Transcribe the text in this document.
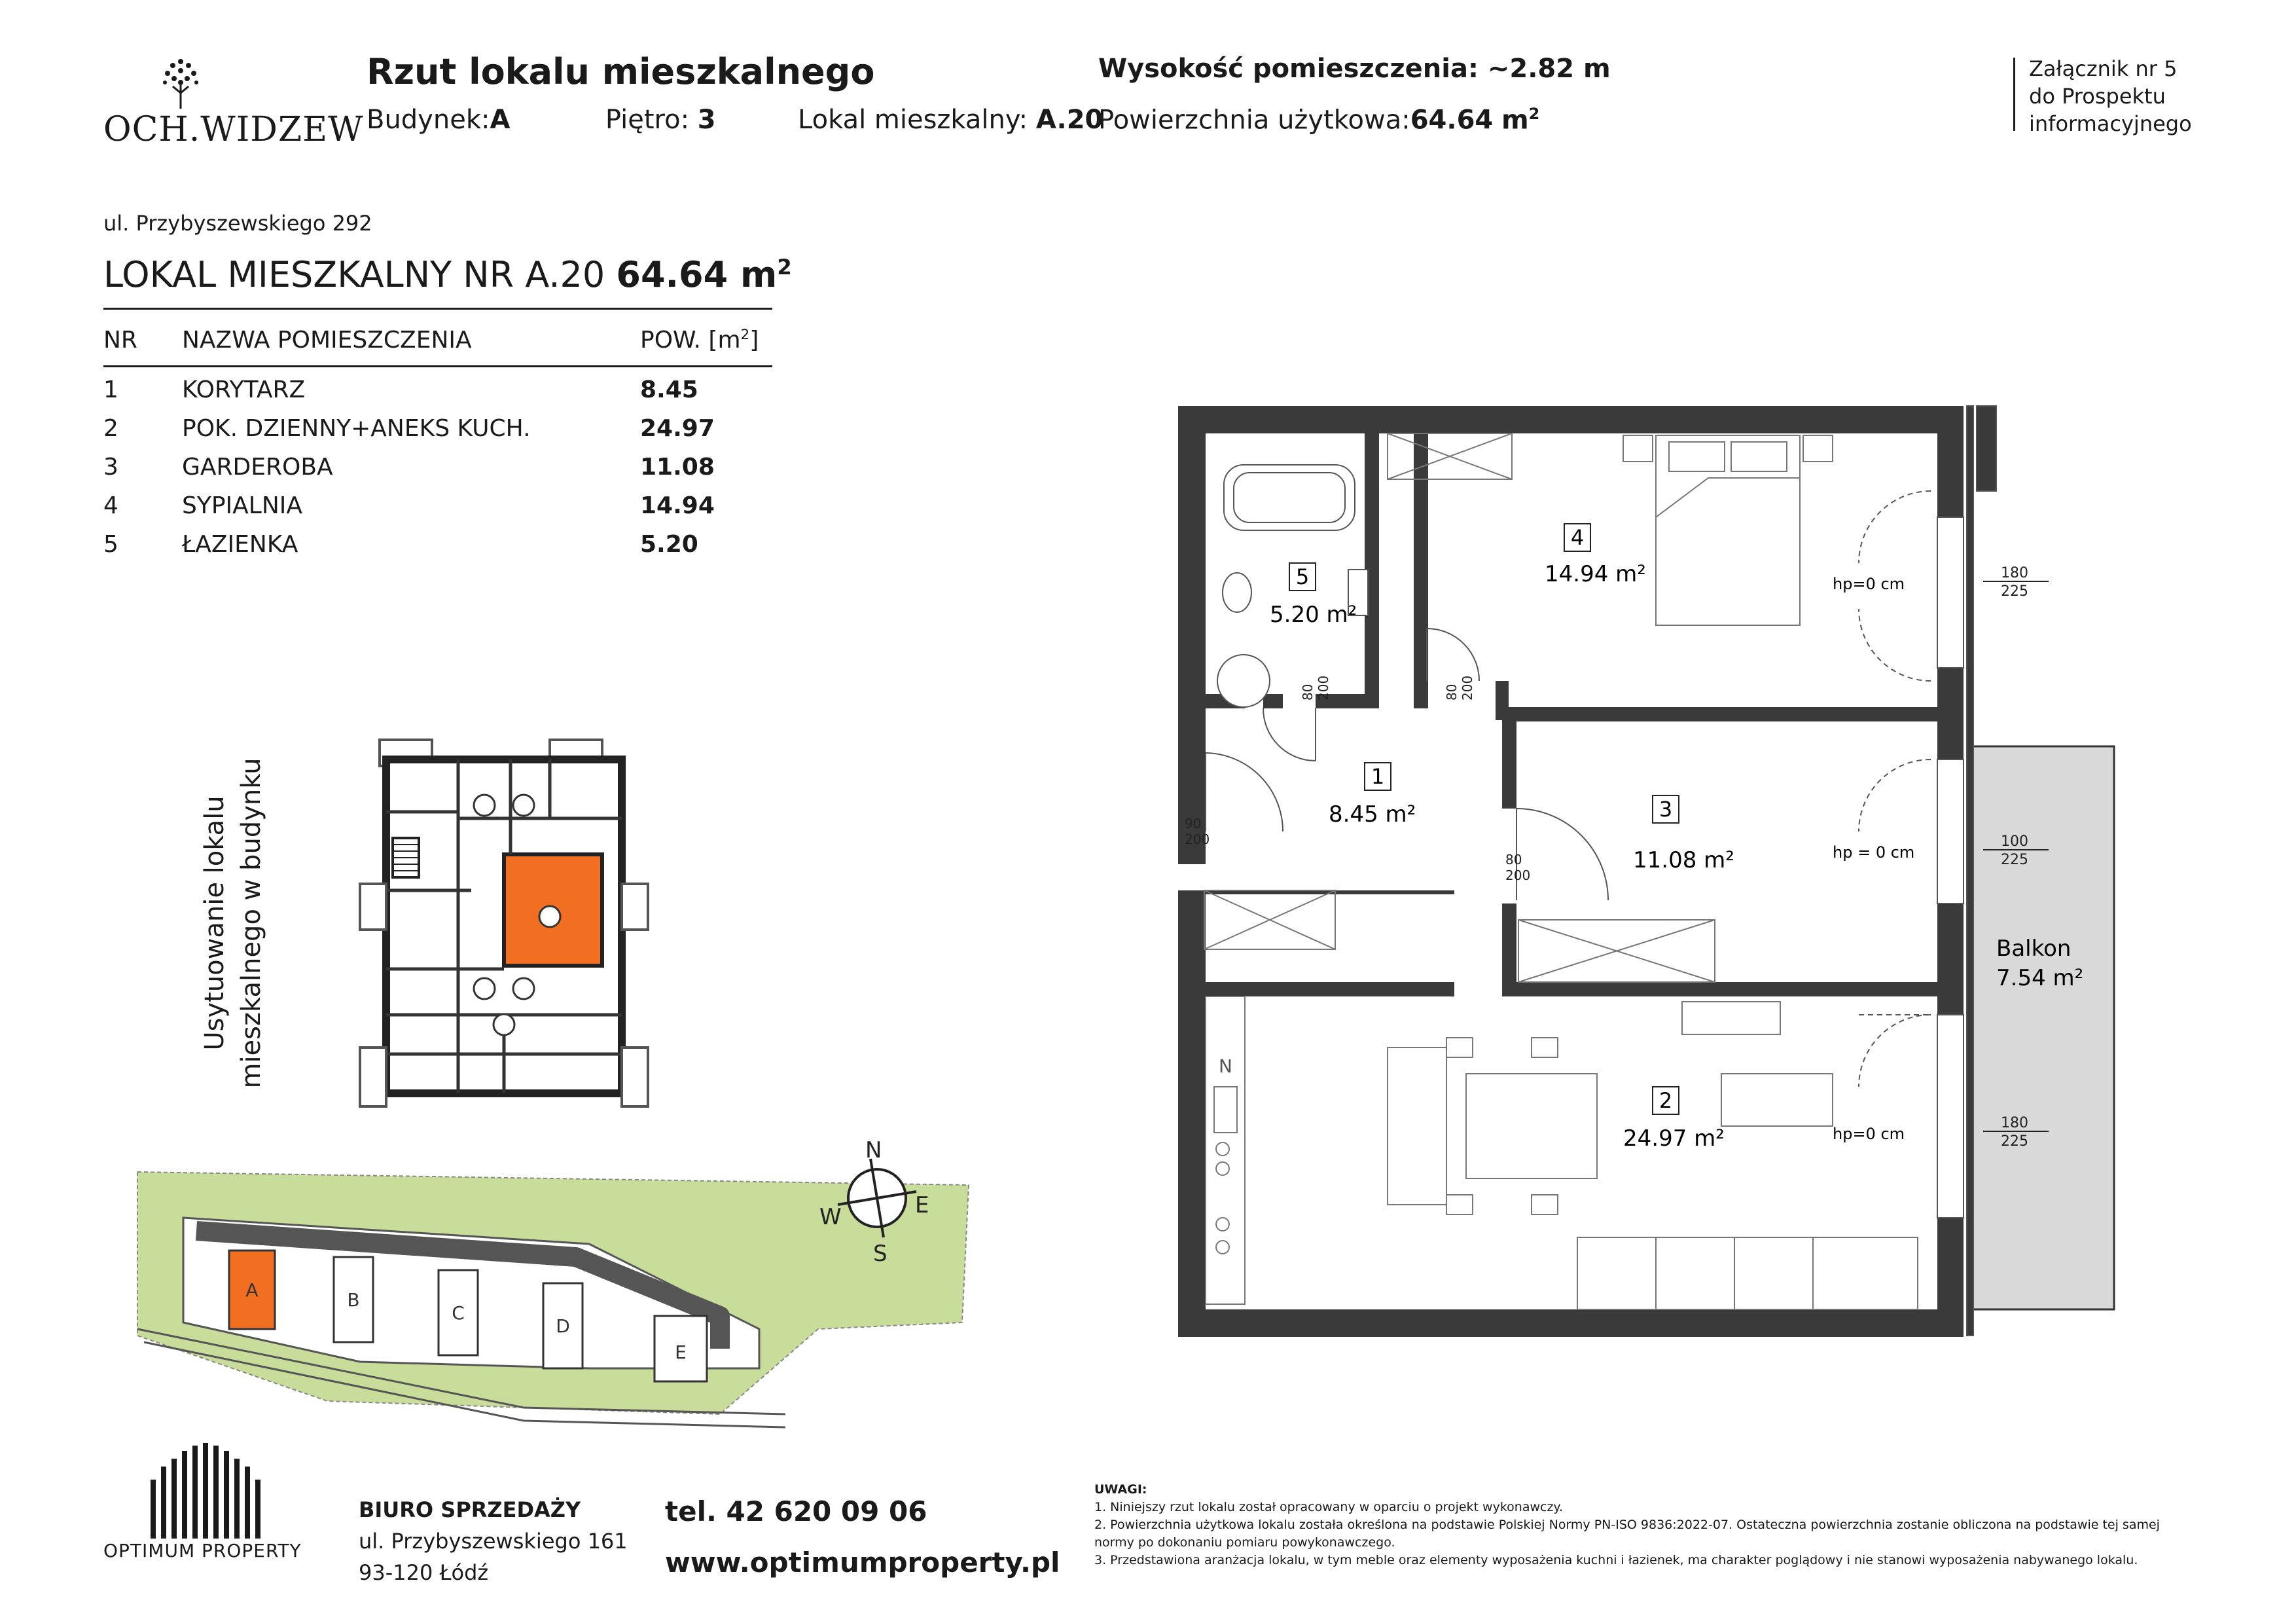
OCH.WIDZEW
Rzut lokalu mieszkalnego
Budynek:A	Piętro: 3	Lokal mieszkalny: A.20
Wysokość pomieszczenia: ~2.82 m
Powierzchnia użytkowa:64.64 $m^2$
Załącznik nr 5
do Prospektu
informacyjnego
ul. Przybyszewskiego 292
LOKAL MIESZKALNY NR A.20 64.64 $m^2$
NR	NAZWA POMIESZCZENIA	POW. $[m^2]$
1	KORYTARZ	8.45
2	POK. DZIENNY+ANEKS KUCH.	24.97
3	GARDEROBA	11.08
4	SYPIALNIA	14.94
5	ŁAZIENKA	5.20
Usytuowanie lokalu mieszkalnego w budynku
A	B
C
D
E
N
E
S
W
N
4
14.94 m²
5
5.20 m²
1
8.45 m²	3
11.08 m²
2
24.97 m²
Balkon
7.54 m²
hp=0 cm
hp = 0 cm
hp=0 cm
180
225
100
225
180
225
80 200	80 200
90
200
80
200
OPTIMUM PROPERTY
BIURO SPRZEDAŻY
ul. Przybyszewskiego 161
93-120 Łódź
tel. 42 620 09 06
www.optimumproperty.pl
UWAGI:
1. Niniejszy rzut lokalu został opracowany w oparciu o projekt wykonawczy.
2. Powierzchnia użytkowa lokalu została określona na podstawie Polskiej Normy PN-ISO 9836:2022-07. Ostateczna powierzchnia zostanie obliczona na podstawie tej samej
normy po dokonaniu pomiaru powykonawczego.
3. Przedstawiona aranżacja lokalu, w tym meble oraz elementy wyposażenia kuchni i łazienek, ma charakter poglądowy i nie stanowi wyposażenia nabywanego lokalu.
